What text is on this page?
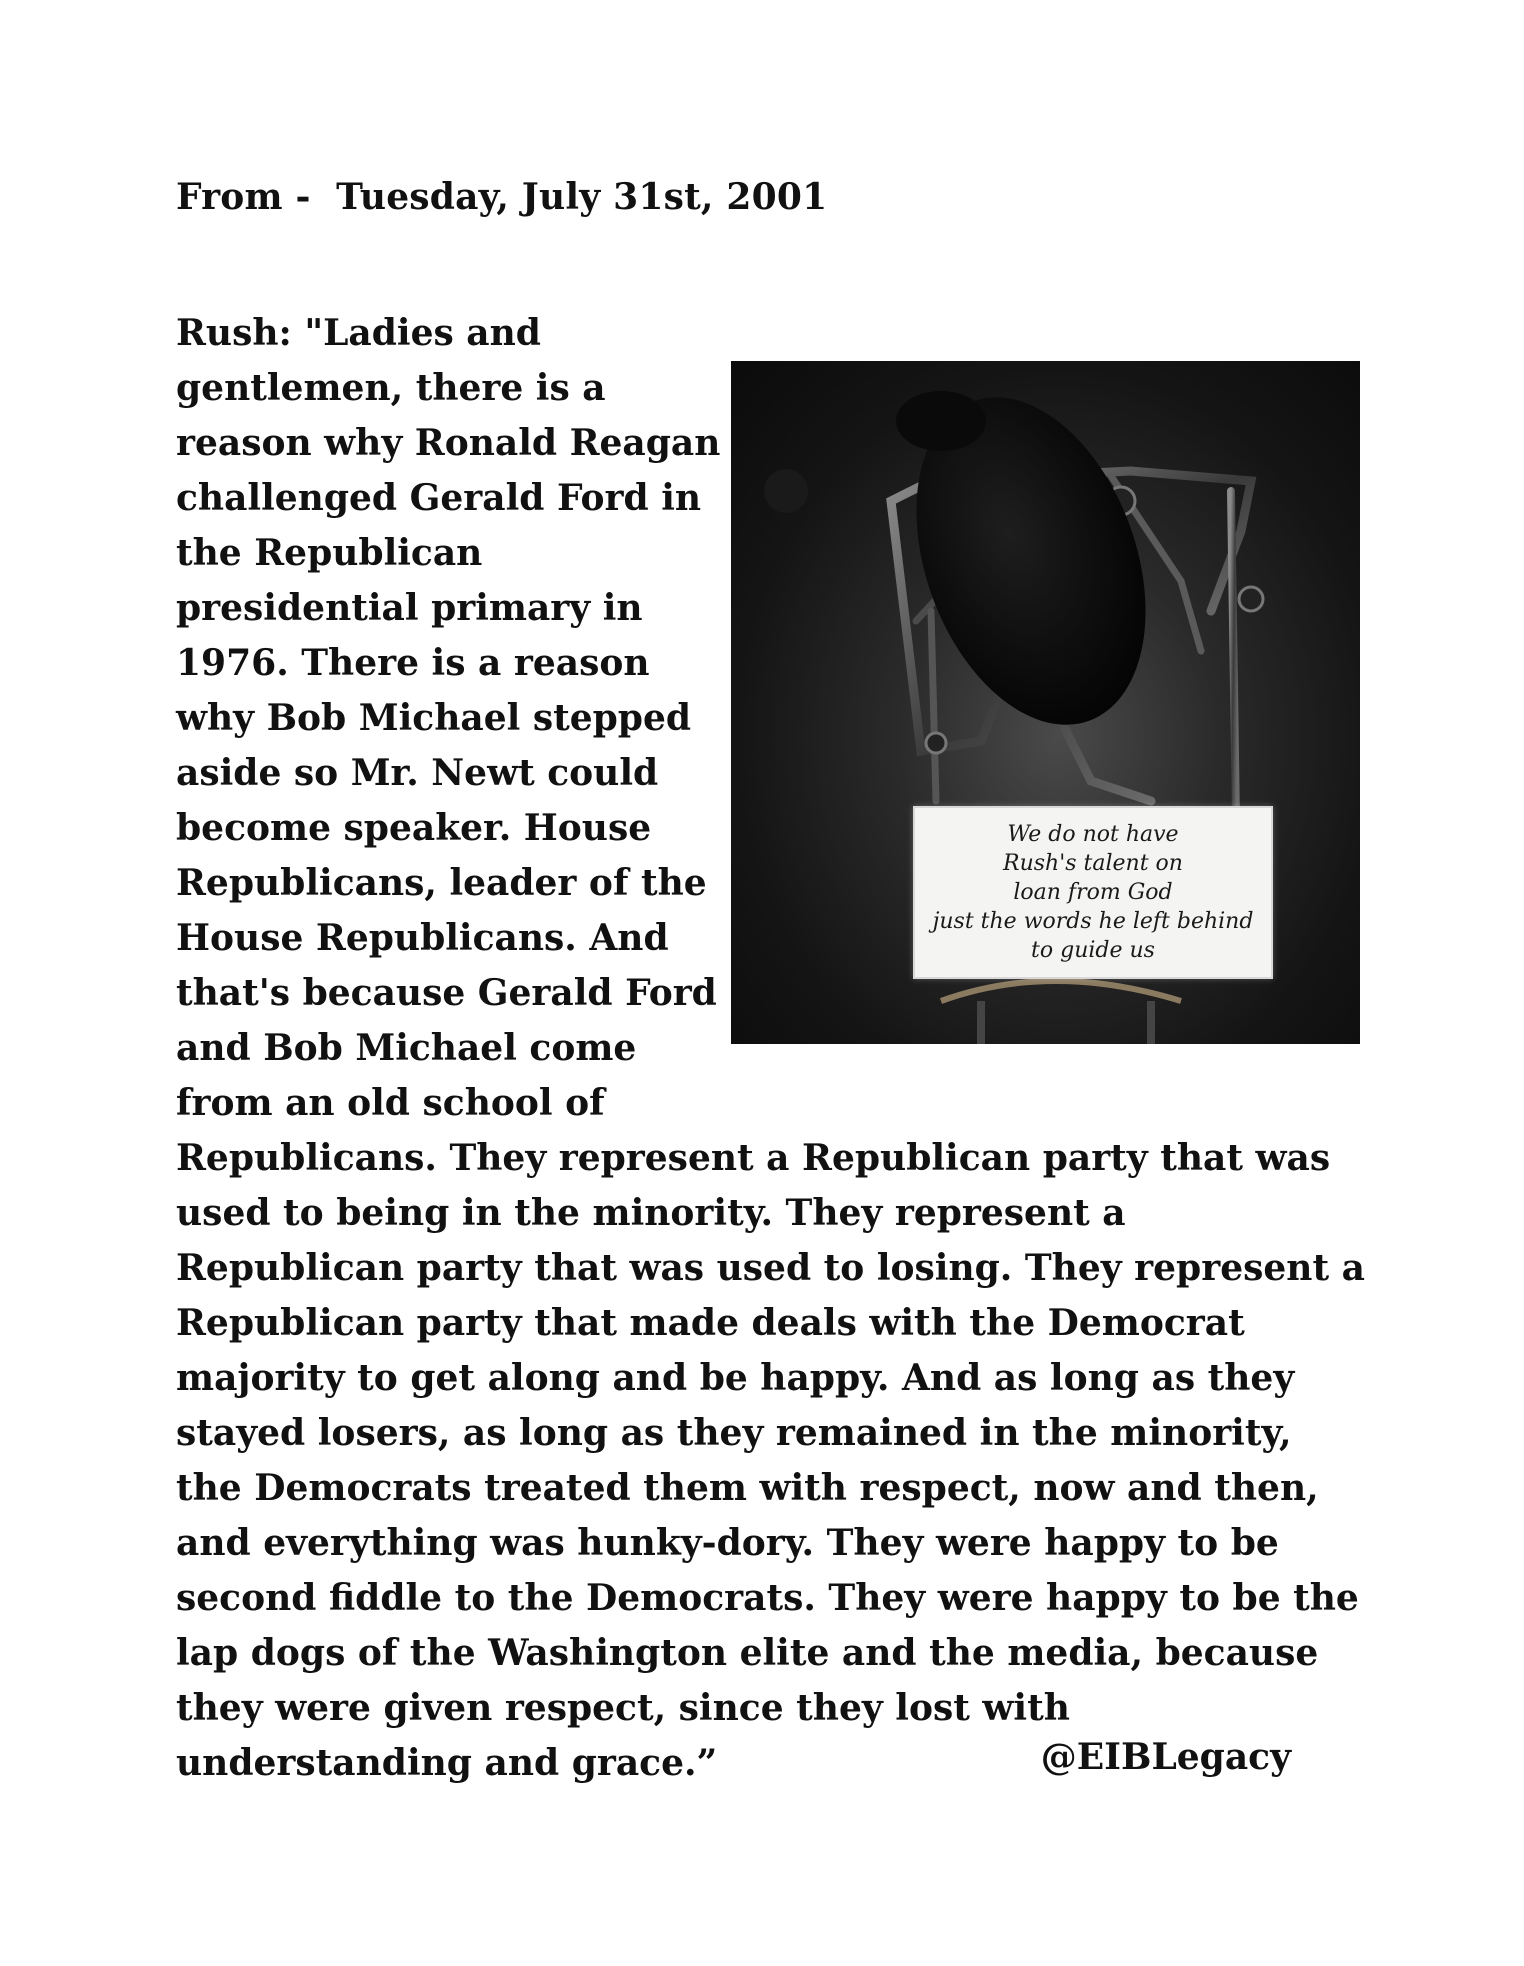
From -  Tuesday, July 31st, 2001

Rush: "Ladies and gentlemen, there is a reason why Ronald Reagan challenged Gerald Ford in the Republican presidential primary in 1976. There is a reason why Bob Michael stepped aside so Mr. Newt could become speaker. House Republicans, leader of the House Republicans. And that's because Gerald Ford and Bob Michael come from an old school of Republicans. They represent a Republican party that was used to being in the minority. They represent a Republican party that was used to losing. They represent a Republican party that made deals with the Democrat majority to get along and be happy. And as long as they stayed losers, as long as they remained in the minority, the Democrats treated them with respect, now and then, and everything was hunky-dory. They were happy to be second fiddle to the Democrats. They were happy to be the lap dogs of the Washington elite and the media, because they were given respect, since they lost with understanding and grace.”

We do not have
Rush's talent on
loan from God
just the words he left behind
to guide us
@EIBLegacy
